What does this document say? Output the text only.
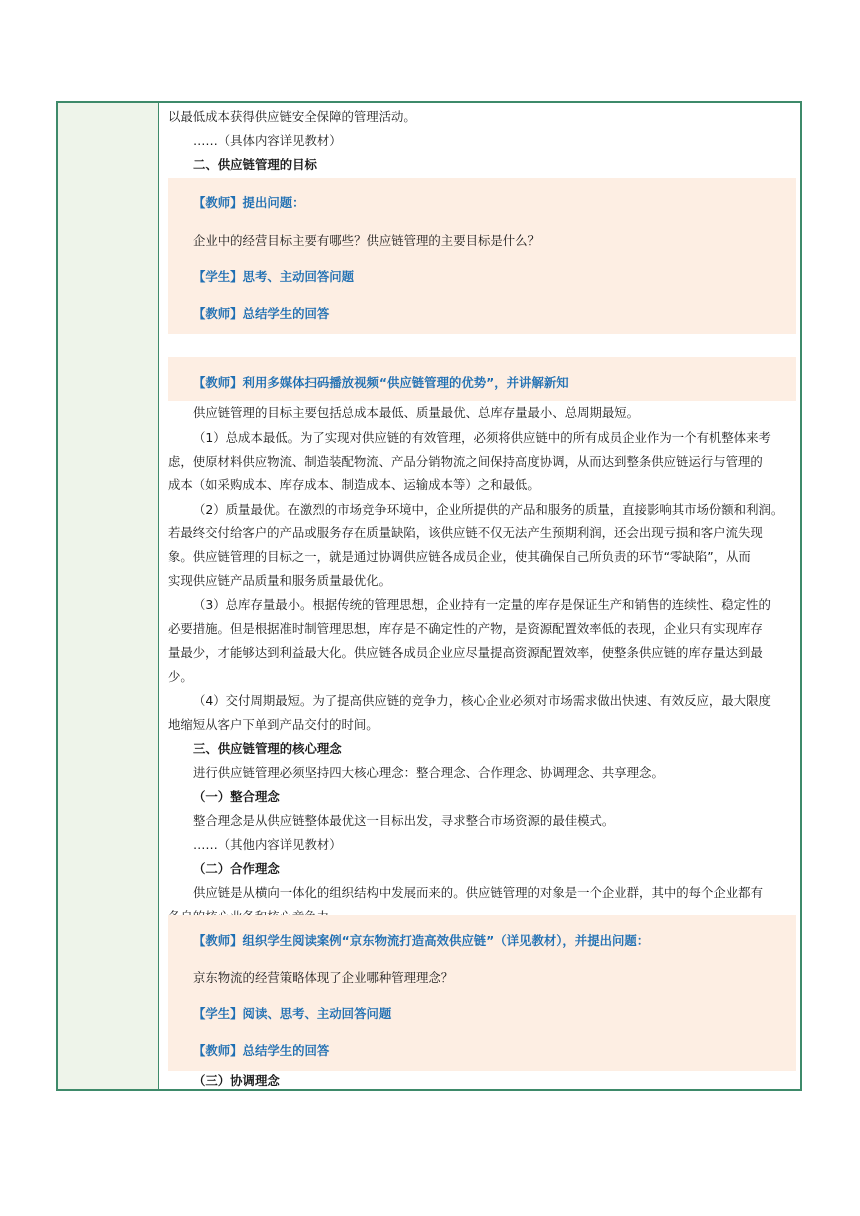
以最低成本获得供应链安全保障的管理活动。
……（具体内容详见教材）
二、供应链管理的目标
【教师】提出问题：
企业中的经营目标主要有哪些？供应链管理的主要目标是什么？
【学生】思考、主动回答问题
【教师】总结学生的回答
【教师】利用多媒体扫码播放视频“供应链管理的优势”，并讲解新知
供应链管理的目标主要包括总成本最低、质量最优、总库存量最小、总周期最短。
（1）总成本最低。为了实现对供应链的有效管理，必须将供应链中的所有成员企业作为一个有机整体来考
虑，使原材料供应物流、制造装配物流、产品分销物流之间保持高度协调，从而达到整条供应链运行与管理的
成本（如采购成本、库存成本、制造成本、运输成本等）之和最低。
（2）质量最优。在激烈的市场竞争环境中，企业所提供的产品和服务的质量，直接影响其市场份额和利润。
若最终交付给客户的产品或服务存在质量缺陷，该供应链不仅无法产生预期利润，还会出现亏损和客户流失现
象。供应链管理的目标之一，就是通过协调供应链各成员企业，使其确保自己所负责的环节“零缺陷”，从而
实现供应链产品质量和服务质量最优化。
（3）总库存量最小。根据传统的管理思想，企业持有一定量的库存是保证生产和销售的连续性、稳定性的
必要措施。但是根据准时制管理思想，库存是不确定性的产物，是资源配置效率低的表现，企业只有实现库存
量最少，才能够达到利益最大化。供应链各成员企业应尽量提高资源配置效率，使整条供应链的库存量达到最
少。
（4）交付周期最短。为了提高供应链的竞争力，核心企业必须对市场需求做出快速、有效反应，最大限度
地缩短从客户下单到产品交付的时间。
三、供应链管理的核心理念
进行供应链管理必须坚持四大核心理念：整合理念、合作理念、协调理念、共享理念。
（一）整合理念
整合理念是从供应链整体最优这一目标出发，寻求整合市场资源的最佳模式。
……（其他内容详见教材）
（二）合作理念
供应链是从横向一体化的组织结构中发展而来的。供应链管理的对象是一个企业群，其中的每个企业都有
【教师】组织学生阅读案例“京东物流打造高效供应链”（详见教材），并提出问题：
京东物流的经营策略体现了企业哪种管理理念？
【学生】阅读、思考、主动回答问题
【教师】总结学生的回答
（三）协调理念
